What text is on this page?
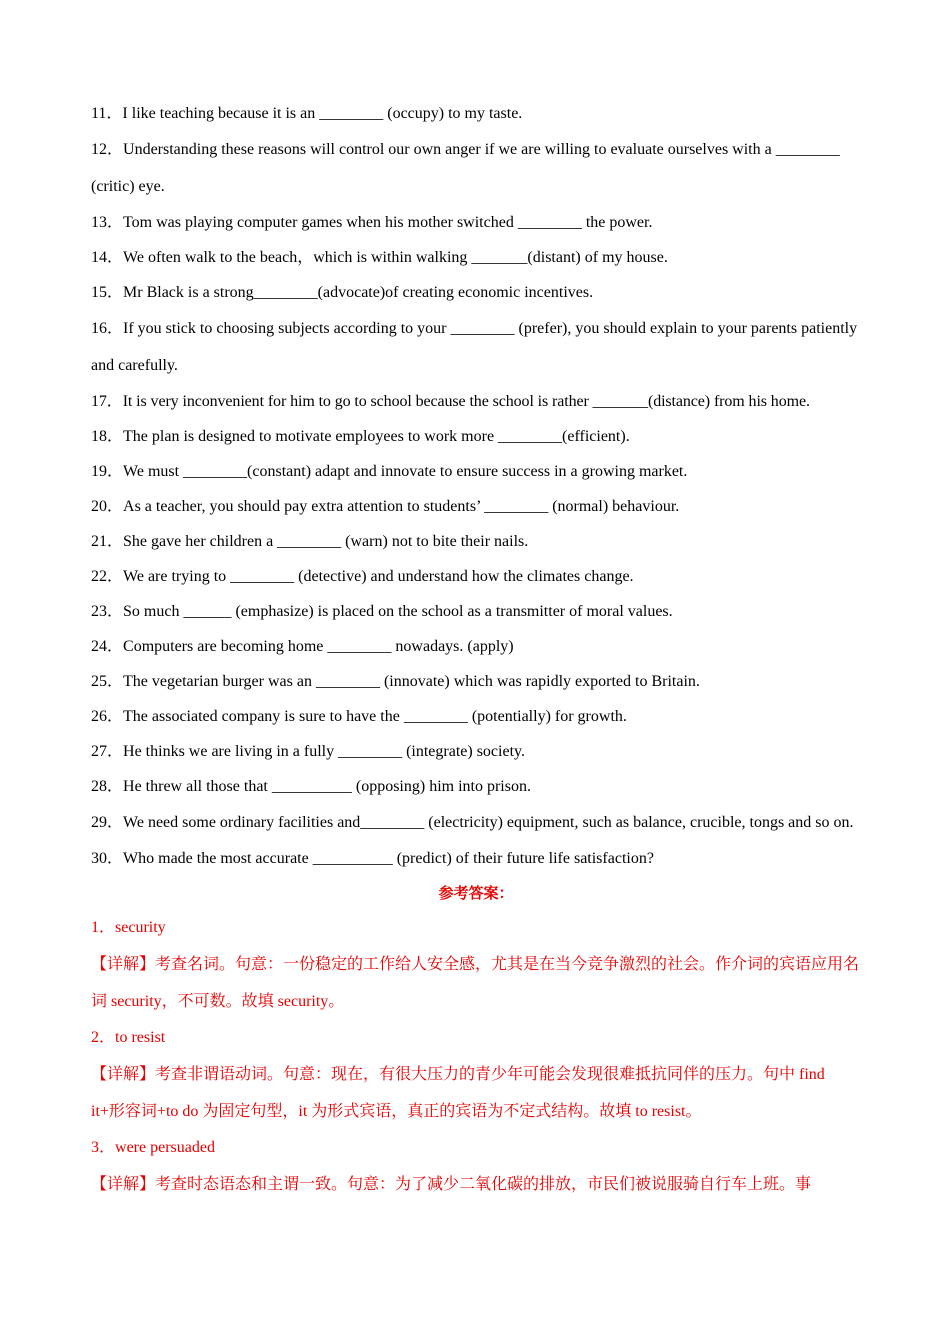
11．I like teaching because it is an ________ (occupy) to my taste.

12．Understanding these reasons will control our own anger if we are willing to evaluate ourselves with a ________ (critic) eye.

13．Tom was playing computer games when his mother switched ________ the power.

14．We often walk to the beach，which is within walking _______(distant) of my house.

15．Mr Black is a strong________(advocate)of creating economic incentives.

16．If you stick to choosing subjects according to your ________ (prefer), you should explain to your parents patiently and carefully.

17．It is very inconvenient for him to go to school because the school is rather _______(distance) from his home.

18．The plan is designed to motivate employees to work more ________(efficient).

19．We must ________(constant) adapt and innovate to ensure success in a growing market.

20．As a teacher, you should pay extra attention to students’ ________ (normal) behaviour.

21．She gave her children a ________ (warn) not to bite their nails.

22．We are trying to ________ (detective) and understand how the climates change.

23．So much ______ (emphasize) is placed on the school as a transmitter of moral values.

24．Computers are becoming home ________ nowadays. (apply)

25．The vegetarian burger was an ________ (innovate) which was rapidly exported to Britain.

26．The associated company is sure to have the ________ (potentially) for growth.

27．He thinks we are living in a fully ________ (integrate) society.

28．He threw all those that __________ (opposing) him into prison.

29．We need some ordinary facilities and________ (electricity) equipment, such as balance, crucible, tongs and so on.

30．Who made the most accurate __________ (predict) of their future life satisfaction?

参考答案：

1．security

【详解】考查名词。句意：一份稳定的工作给人安全感，尤其是在当今竞争激烈的社会。作介词的宾语应用名词 security，不可数。故填 security。

2．to resist

【详解】考查非谓语动词。句意：现在，有很大压力的青少年可能会发现很难抵抗同伴的压力。句中 find it+形容词+to do 为固定句型，it 为形式宾语，真正的宾语为不定式结构。故填 to resist。

3．were persuaded

【详解】考查时态语态和主谓一致。句意：为了减少二氧化碳的排放，市民们被说服骑自行车上班。事
